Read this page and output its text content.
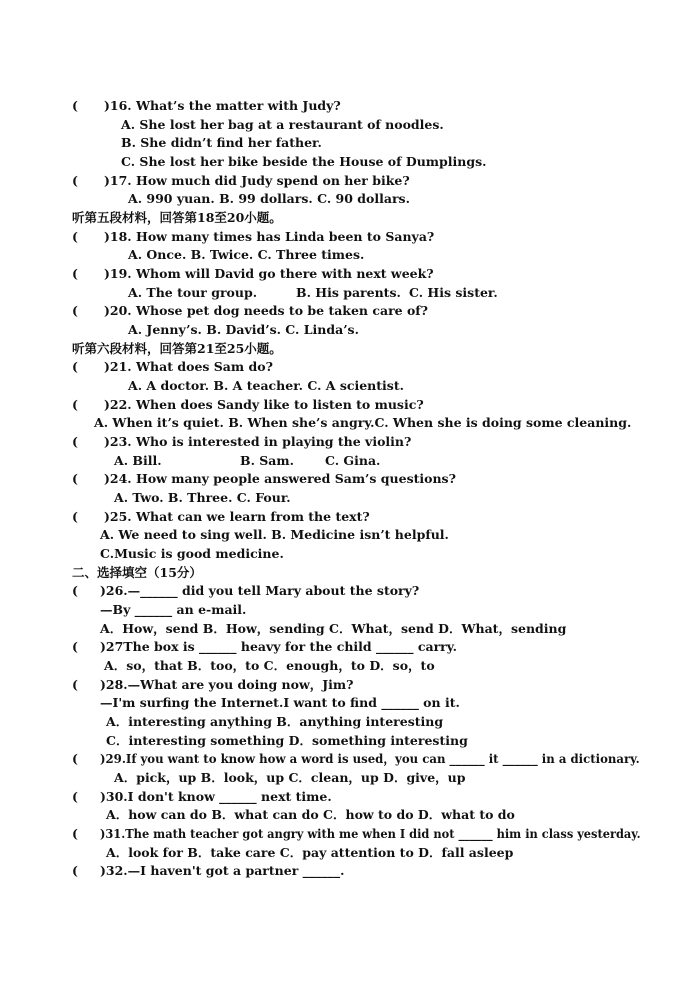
( )16. What’s the matter with Judy?
A. She lost her bag at a restaurant of noodles.
B. She didn’t find her father.
C. She lost her bike beside the House of Dumplings.
( )17. How much did Judy spend on her bike?
A. 990 yuan. B. 99 dollars. C. 90 dollars.
听第五段材料，回答第18至20小题。
( )18. How many times has Linda been to Sanya?
A. Once. B. Twice. C. Three times.
( )19. Whom will David go there with next week?
A. The tour group.	B. His parents. C. His sister.
( )20. Whose pet dog needs to be taken care of?
A. Jenny’s. B. David’s. C. Linda’s.
听第六段材料，回答第21至25小题。
( )21. What does Sam do?
A. A doctor. B. A teacher. C. A scientist.
( )22. When does Sandy like to listen to music?
A. When it’s quiet. B. When she’s angry.C. When she is doing some cleaning.
( )23. Who is interested in playing the violin?
A. Bill.	B. Sam. C. Gina.
( )24. How many people answered Sam’s questions?
A. Two. B. Three. C. Four.
( )25. What can we learn from the text?
A. We need to sing well. B. Medicine isn’t helpful.
C.Music is good medicine.
二、选择填空（15分）
( )26.—______ did you tell Mary about the story?
—By ______ an e-mail.
A．How，send B．How，sending C．What，send D．What，sending
( )27The box is ______ heavy for the child ______ carry.
A．so，that B．too，to C．enough，to D．so，to
( )28.—What are you doing now，Jim?
—I'm surfing the Internet.I want to find ______ on it.
A．interesting anything B．anything interesting
C．interesting something D．something interesting
( )29.If you want to know how a word is used，you can ______ it ______ in a dictionary.
A．pick，up B．look，up C．clean，up D．give，up
( )30.I don't know ______ next time.
A．how can do B．what can do C．how to do D．what to do
( )31.The math teacher got angry with me when I did not ______ him in class yesterday.
A．look for B．take care C．pay attention to D．fall asleep
( )32.—I haven't got a partner ______.
